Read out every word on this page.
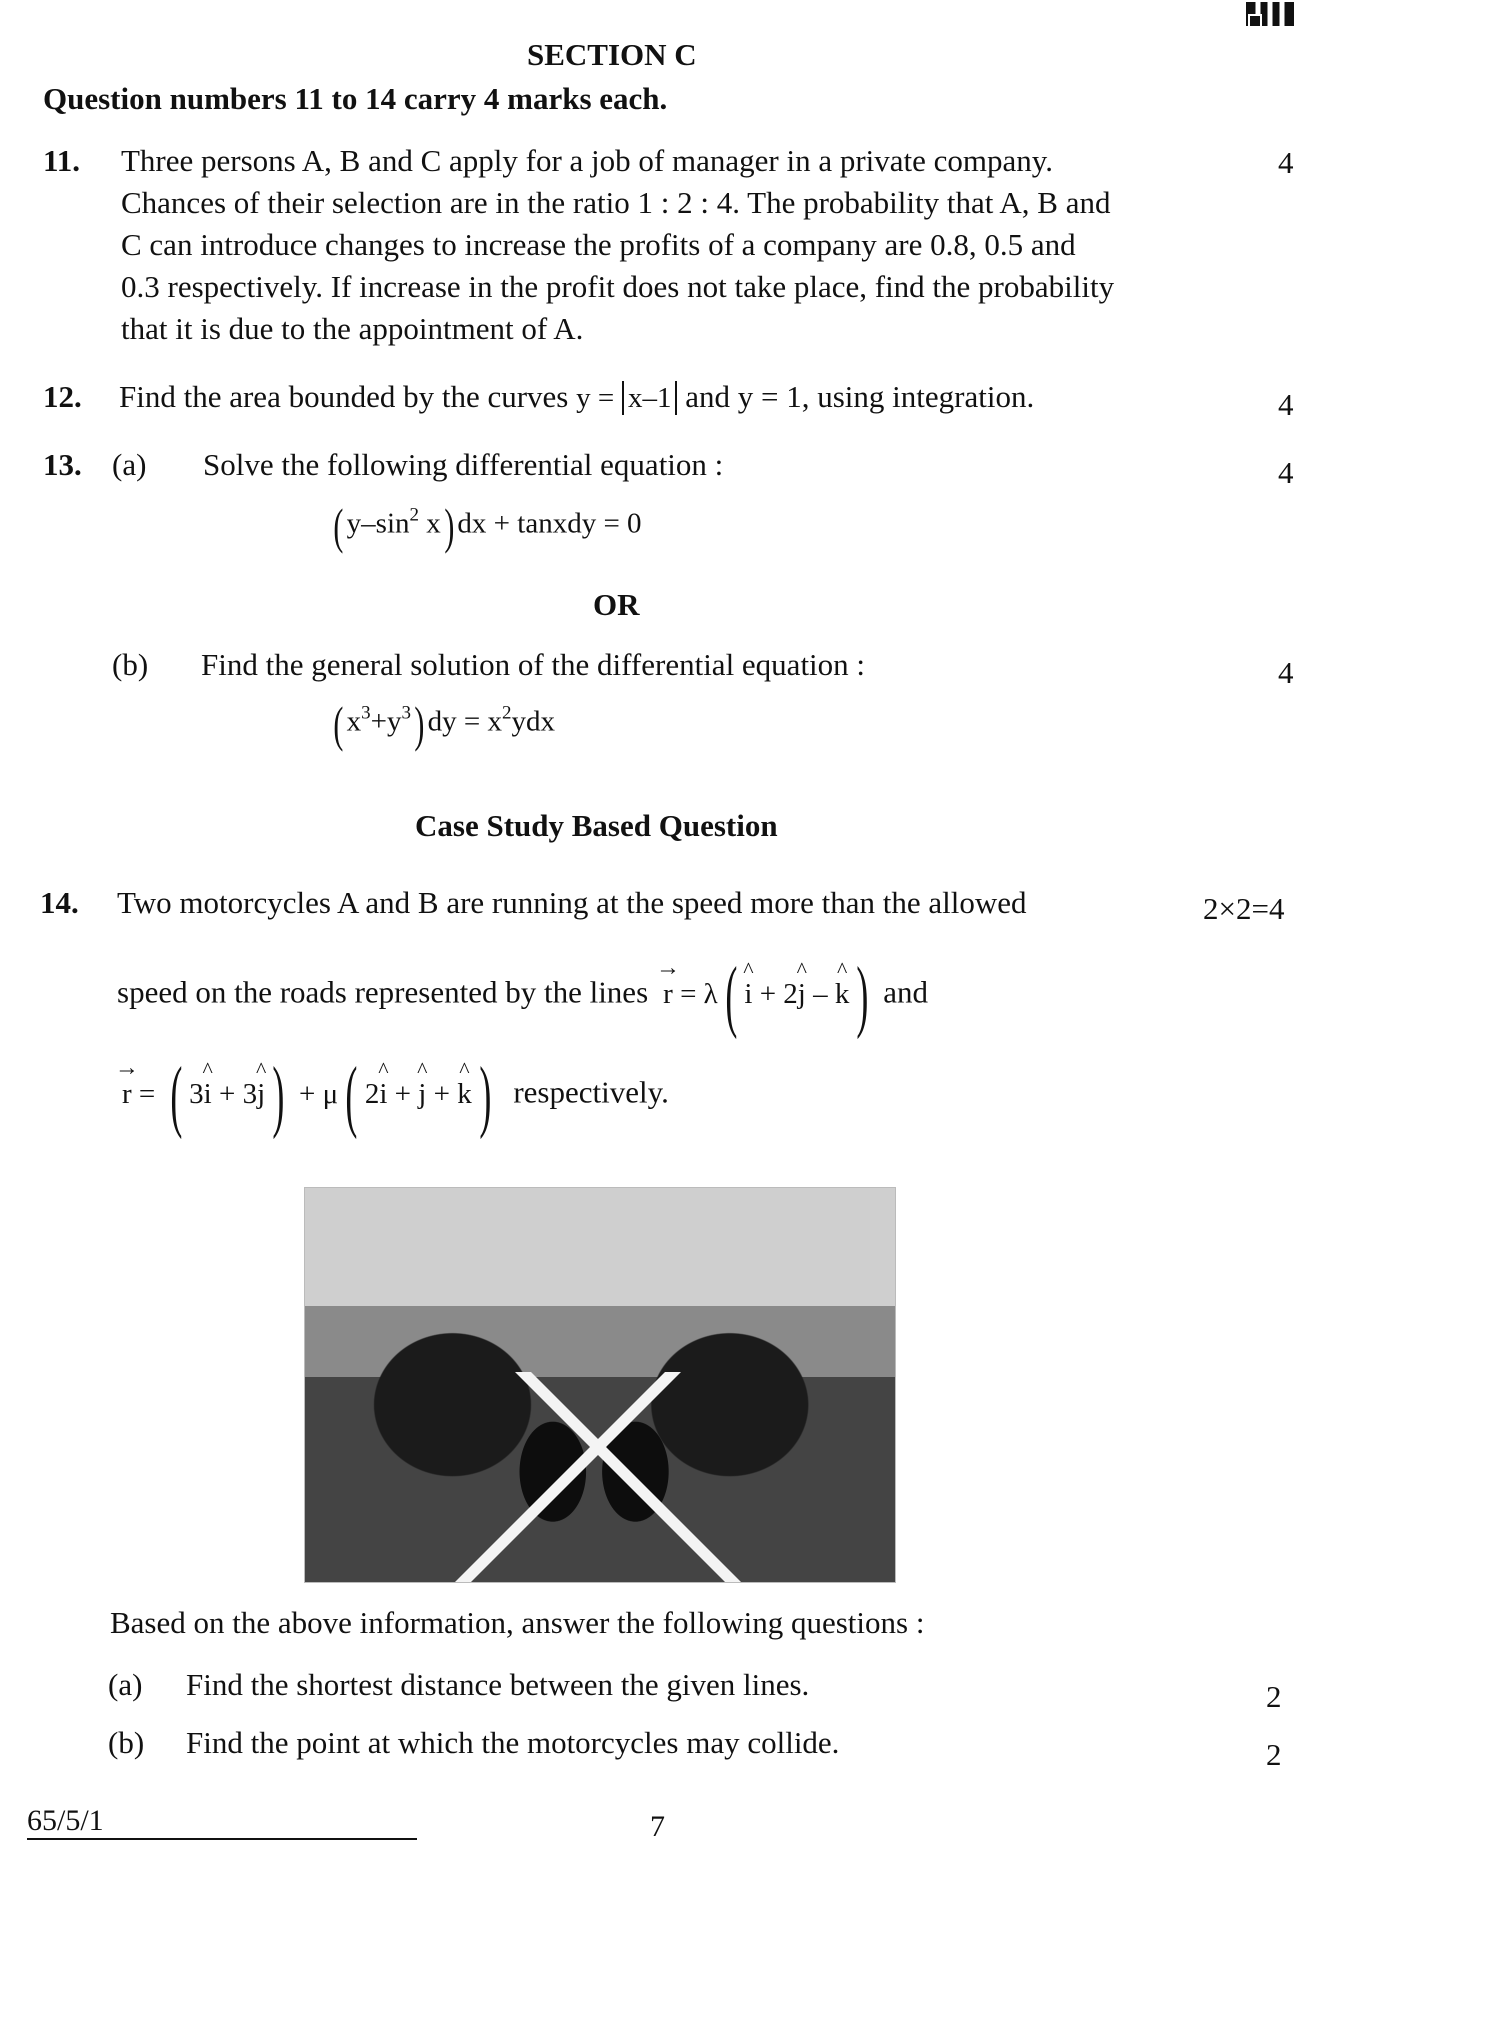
SECTION C
Question numbers 11 to 14 carry 4 marks each.
11. Three persons A, B and C apply for a job of manager in a private company.
Chances of their selection are in the ratio 1 : 2 : 4. The probability that A, B and
C can introduce changes to increase the profits of a company are 0.8, 0.5 and
0.3 respectively. If increase in the profit does not take place, find the probability
that it is due to the appointment of A.
4
12. Find the area bounded by the curves y = x–1 and y = 1, using integration.	4
13. (a) Solve the following differential equation :	4
( $y-\sin^2$ x) dx + tanxdy = 0
OR
(b) Find the general solution of the differential equation :	4
( $x^3+y^3$) dy = $x^2ydx$
Case Study Based Question
14. Two motorcycles A and B are running at the speed more than the allowed	2×2=4
speed on the roads represented by the lines → r = λ( ^ i + 2^ j – ^ k) and
→ r = ( 3^ i + 3^ j) + μ( 2^ i + ^ j + ^ k) respectively.
Based on the above information, answer the following questions :
(a) Find the shortest distance between the given lines.	2
(b) Find the point at which the motorcycles may collide.	2
65/5/1	7
